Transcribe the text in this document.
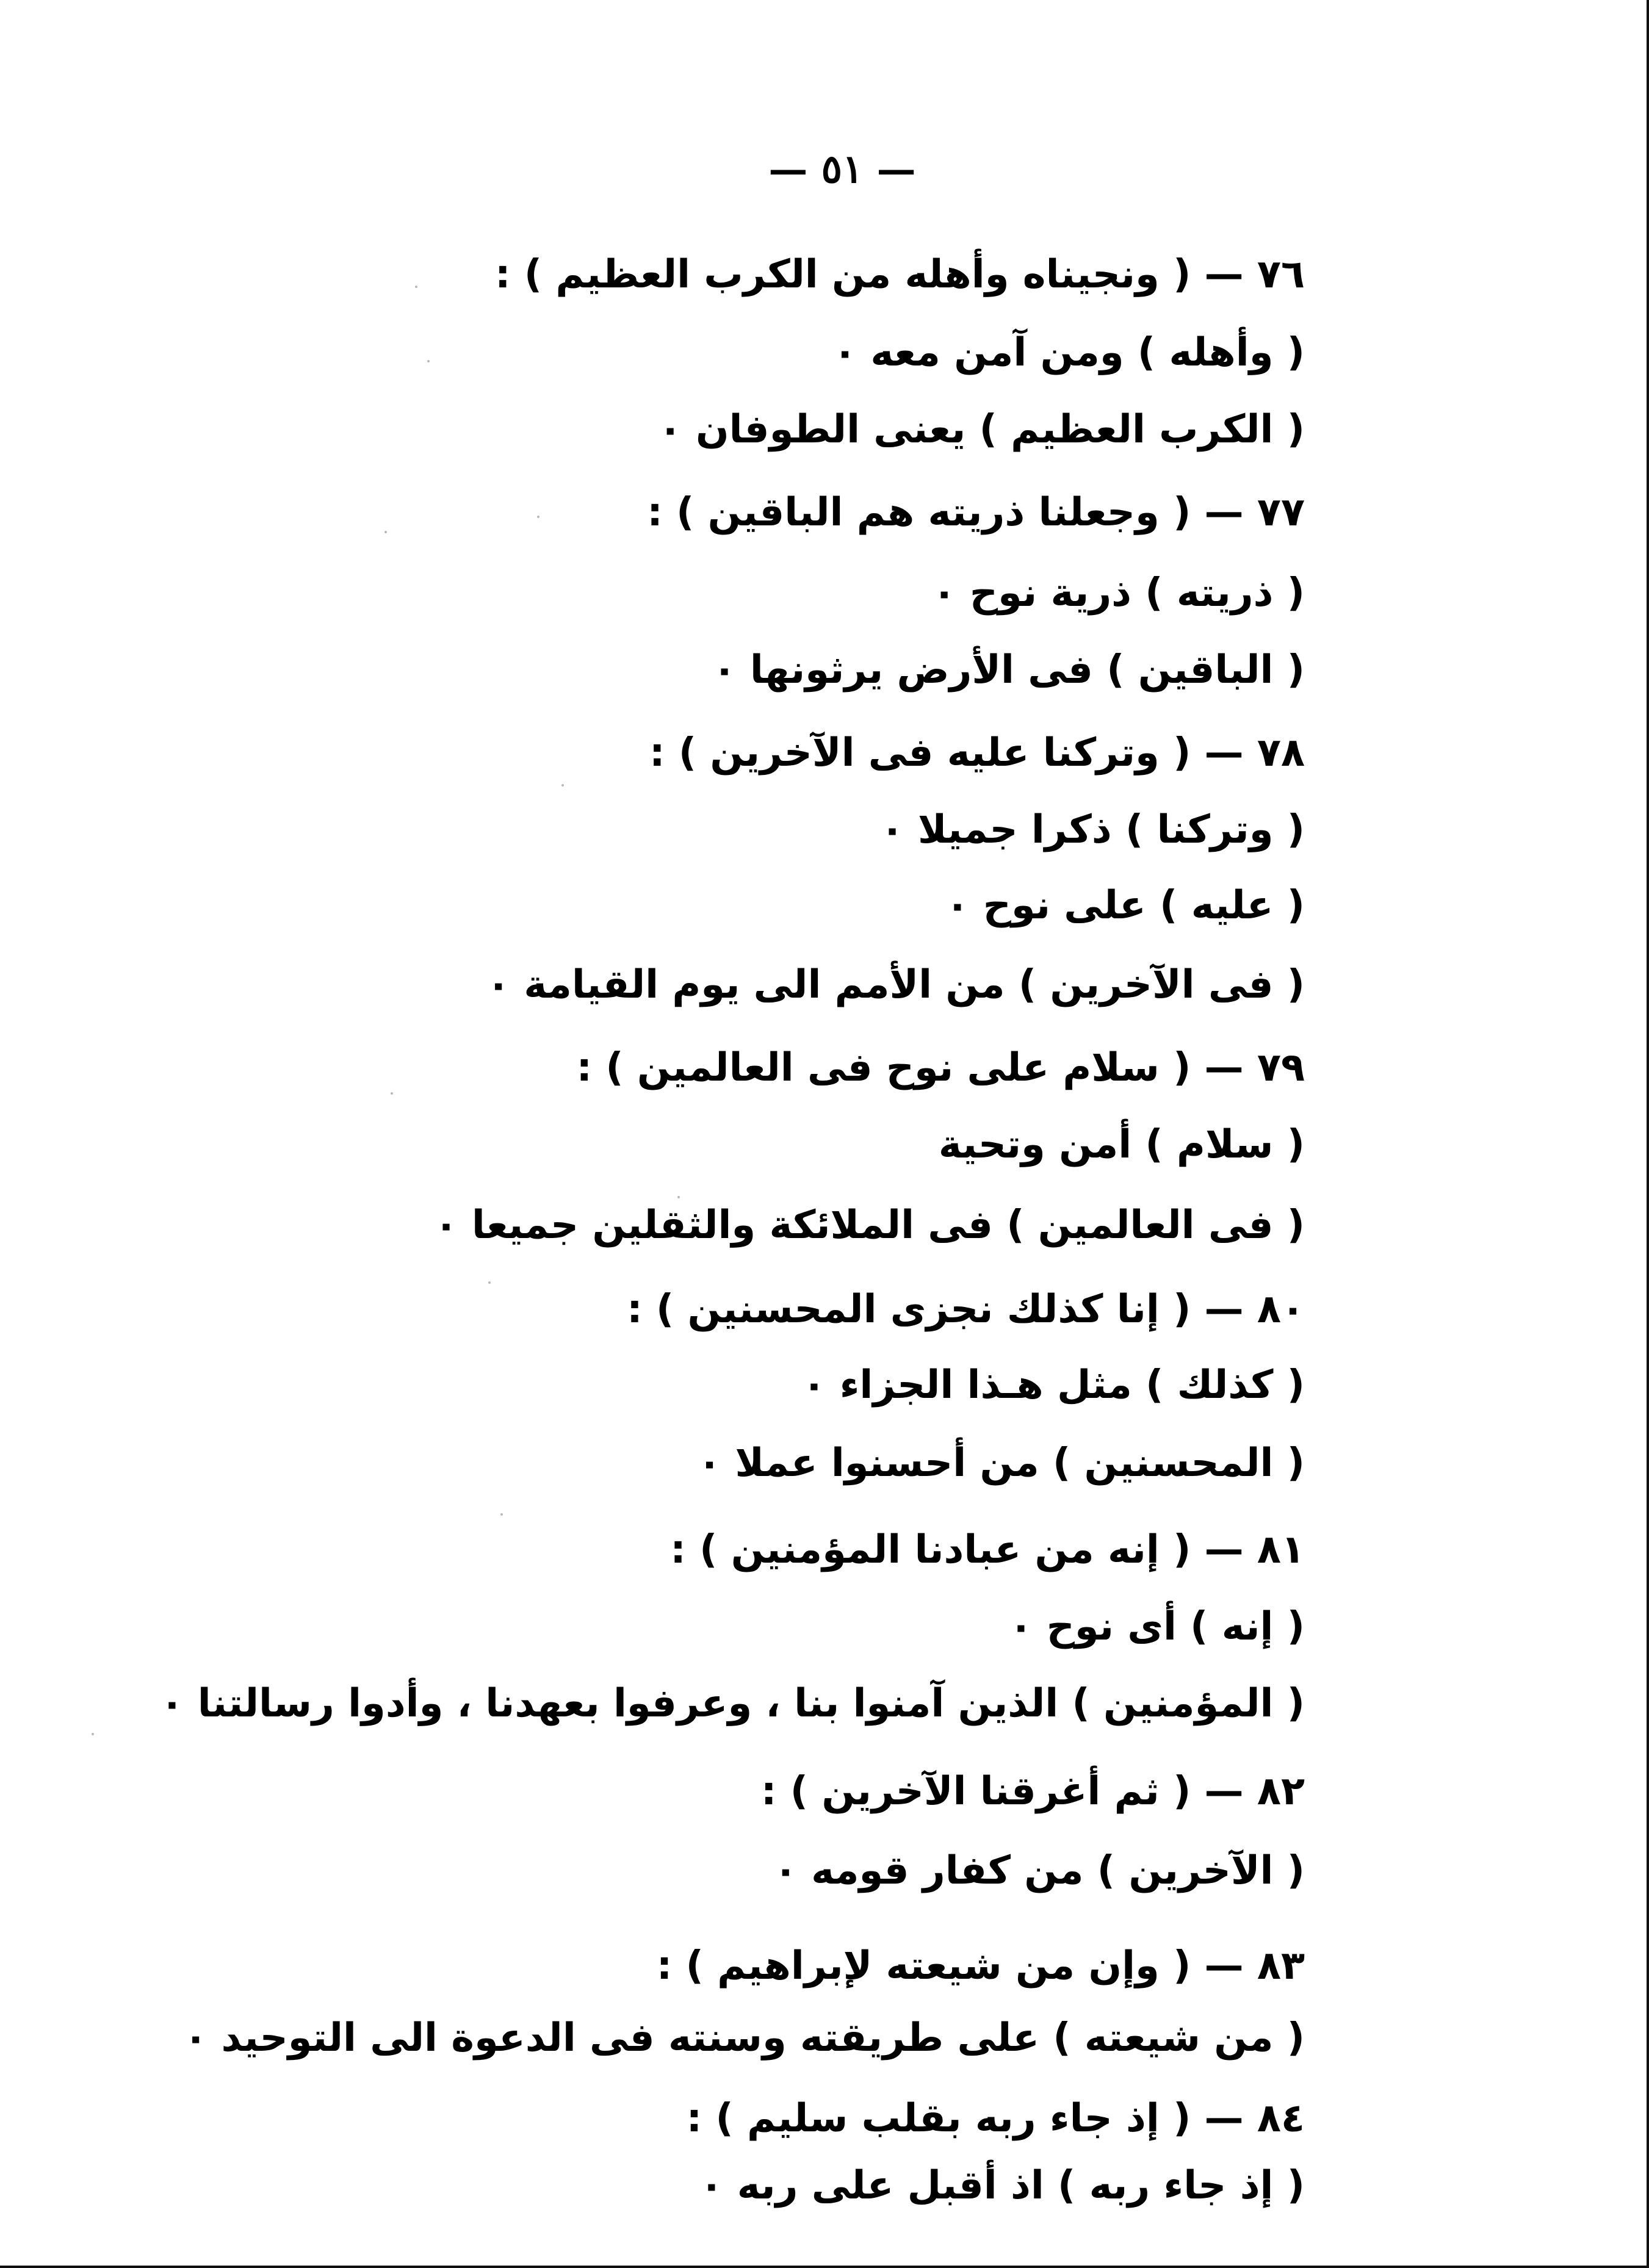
— ٥١ —
٧٦ — ( ونجيناه وأهله من الكرب العظيم ) :
( وأهله ) ومن آمن معه ٠
( الكرب العظيم ) يعنى الطوفان ٠
٧٧ — ( وجعلنا ذريته هم الباقين ) :
( ذريته ) ذرية نوح ٠
( الباقين ) فى الأرض يرثونها ٠
٧٨ — ( وتركنا عليه فى الآخرين ) :
( وتركنا ) ذكرا جميلا ٠
( عليه ) على نوح ٠
( فى الآخرين ) من الأمم الى يوم القيامة ٠
٧٩ — ( سلام على نوح فى العالمين ) :
( سلام ) أمن وتحية
( فى العالمين ) فى الملائكة والثقلين جميعا ٠
٨٠ — ( إنا كذلك نجزى المحسنين ) :
( كذلك ) مثل هـذا الجزاء ٠
( المحسنين ) من أحسنوا عملا ٠
٨١ — ( إنه من عبادنا المؤمنين ) :
( إنه ) أى نوح ٠
( المؤمنين ) الذين آمنوا بنا ، وعرفوا بعهدنا ، وأدوا رسالتنا ٠
٨٢ — ( ثم أغرقنا الآخرين ) :
( الآخرين ) من كفار قومه ٠
٨٣ — ( وإن من شيعته لإبراهيم ) :
( من شيعته ) على طريقته وسنته فى الدعوة الى التوحيد ٠
٨٤ — ( إذ جاء ربه بقلب سليم ) :
( إذ جاء ربه ) اذ أقبل على ربه ٠
